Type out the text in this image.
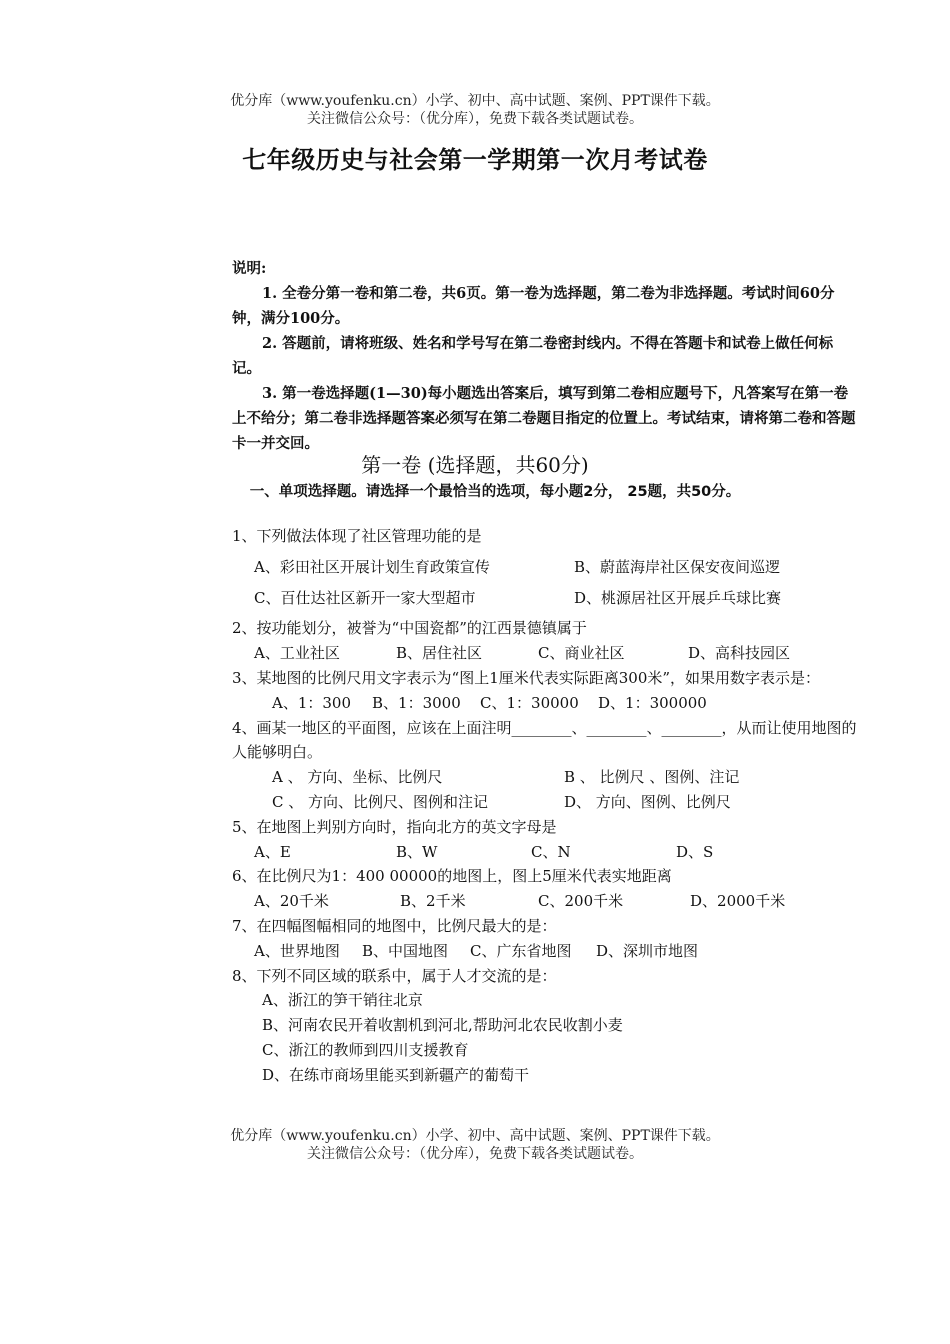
优分库（www.youfenku.cn）小学、初中、高中试题、案例、PPT课件下载。
关注微信公众号：（优分库），免费下载各类试题试卷。
七年级历史与社会第一学期第一次月考试卷

说明:

1. 全卷分第一卷和第二卷，共6页。第一卷为选择题，第二卷为非选择题。考试时间60分钟，满分100分。

2. 答题前，请将班级、姓名和学号写在第二卷密封线内。不得在答题卡和试卷上做任何标记。

3. 第一卷选择题(1—30)每小题选出答案后，填写到第二卷相应题号下，凡答案写在第一卷上不给分；第二卷非选择题答案必须写在第二卷题目指定的位置上。考试结束，请将第二卷和答题卡一并交回。

第一卷 (选择题，共60分)
一、单项选择题。请选择一个最恰当的选项，每小题2分， 25题，共50分。

1、下列做法体现了社区管理功能的是

A、彩田社区开展计划生育政策宣传	B、蔚蓝海岸社区保安夜间巡逻
C、百仕达社区新开一家大型超市	D、桃源居社区开展乒乓球比赛

2、按功能划分，被誉为“中国瓷都”的江西景德镇属于

A、工业社区	B、居住社区	C、商业社区	D、高科技园区

3、某地图的比例尺用文字表示为“图上1厘米代表实际距离300米”，如果用数字表示是：

A、1：300	B、1：3000	C、1：30000	D、1：300000

4、画某一地区的平面图，应该在上面注明________、________、________，从而让使用地图的人能够明白。

A 、 方向、坐标、比例尺	B 、 比例尺 、图例、注记
C 、 方向、比例尺、图例和注记	D、 方向、图例、比例尺

5、在地图上判别方向时，指向北方的英文字母是

A、E	B、W	C、N	D、S

6、在比例尺为1：400 00000的地图上，图上5厘米代表实地距离

A、20千米	B、2千米	C、200千米	D、2000千米

7、在四幅图幅相同的地图中，比例尺最大的是：

A、世界地图	B、中国地图	C、广东省地图	D、深圳市地图

8、下列不同区域的联系中，属于人才交流的是：

A、浙江的笋干销往北京

B、河南农民开着收割机到河北,帮助河北农民收割小麦

C、浙江的教师到四川支援教育

D、在练市商场里能买到新疆产的葡萄干

优分库（www.youfenku.cn）小学、初中、高中试题、案例、PPT课件下载。
关注微信公众号：（优分库），免费下载各类试题试卷。
